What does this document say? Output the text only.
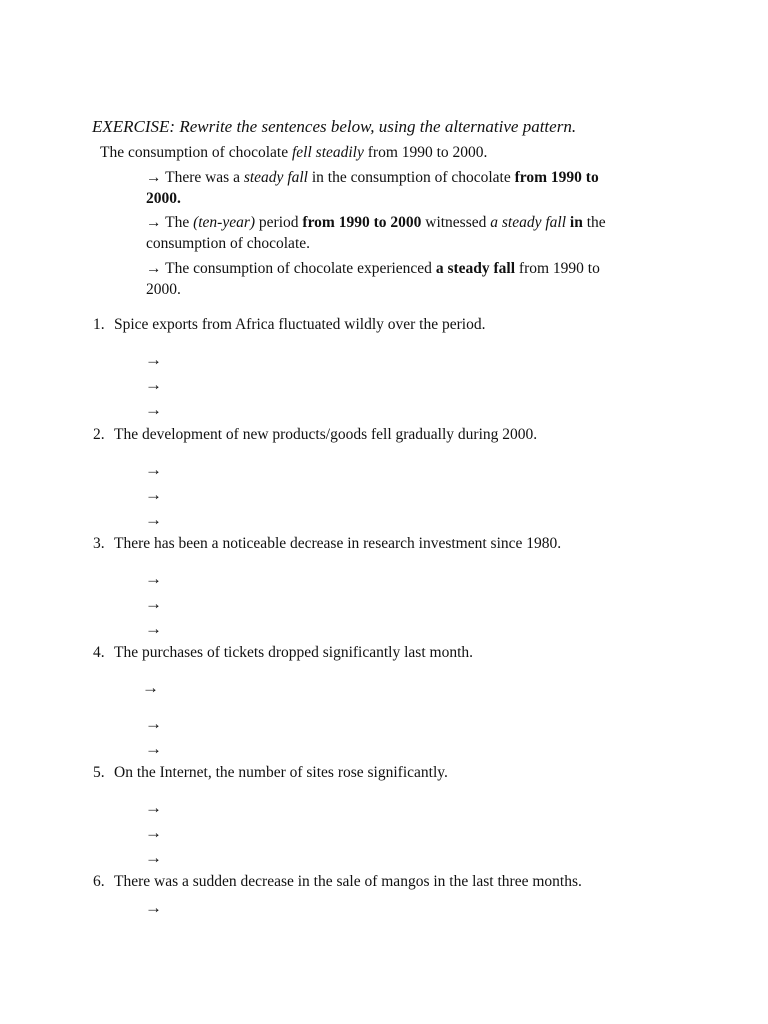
EXERCISE: Rewrite the sentences below, using the alternative pattern.
The consumption of chocolate fell steadily from 1990 to 2000.
→ There was a steady fall in the consumption of chocolate from 1990 to
2000.
→ The (ten-year) period from 1990 to 2000 witnessed a steady fall in the
consumption of chocolate.
→ The consumption of chocolate experienced a steady fall from 1990 to
2000.
1. Spice exports from Africa fluctuated wildly over the period.
→
→
→
2. The development of new products/goods fell gradually during 2000.
→
→
→
3. There has been a noticeable decrease in research investment since 1980.
→
→
→
4. The purchases of tickets dropped significantly last month.
→
→
→
5. On the Internet, the number of sites rose significantly.
→
→
→
6. There was a sudden decrease in the sale of mangos in the last three months.
→
